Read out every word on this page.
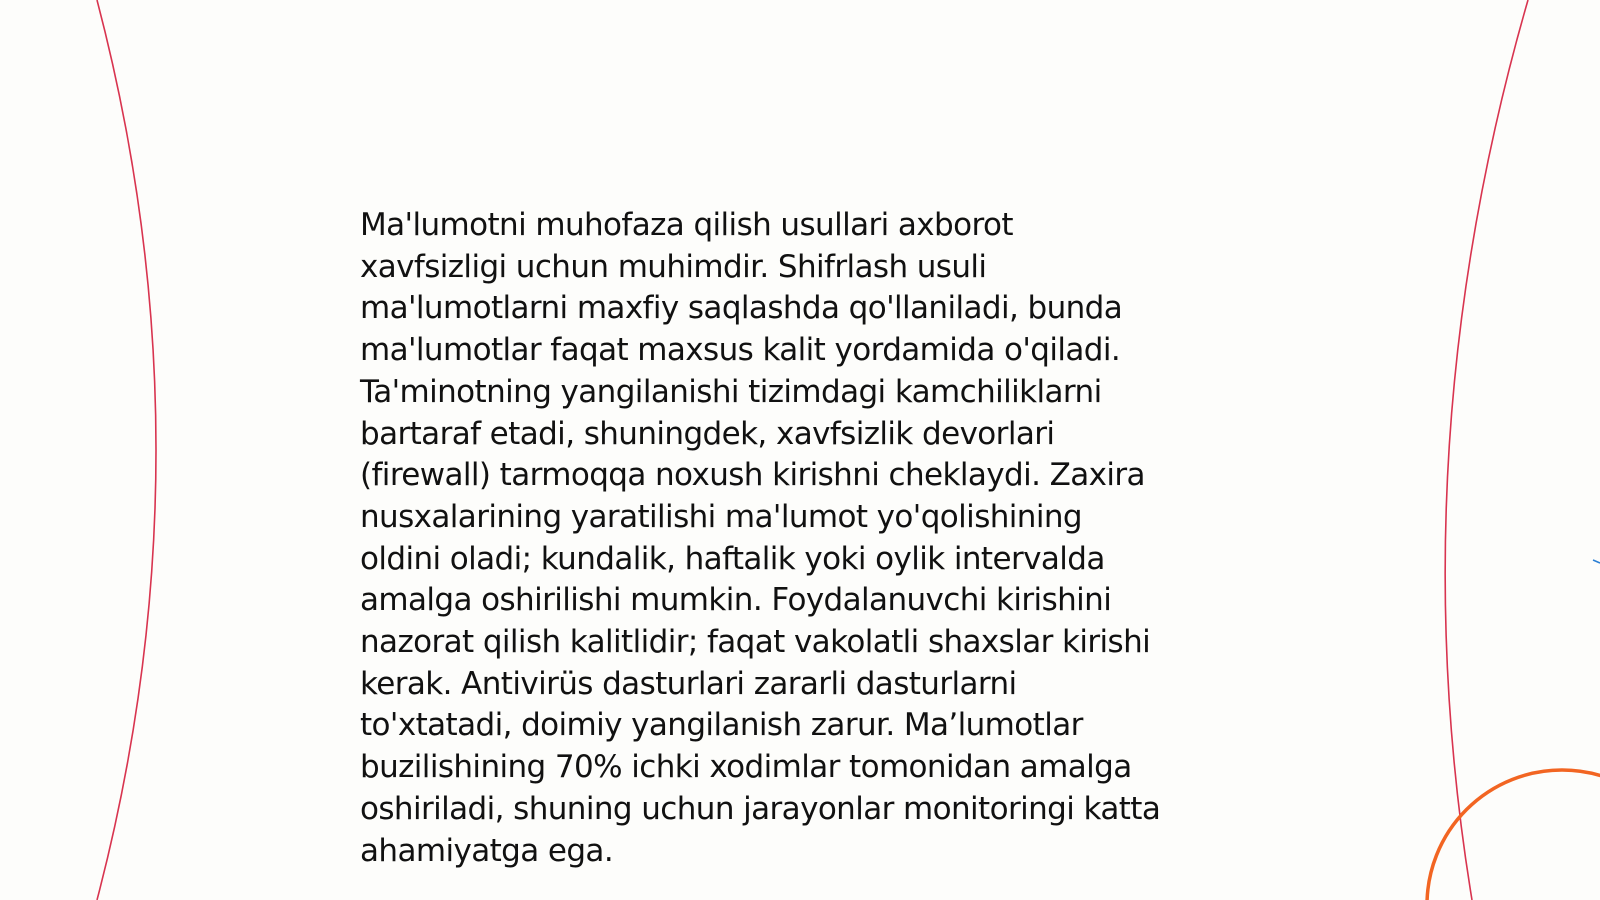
Ma'lumotni muhofaza qilish usullari axborot
xavfsizligi uchun muhimdir. Shifrlash usuli
ma'lumotlarni maxfiy saqlashda qo'llaniladi, bunda
ma'lumotlar faqat maxsus kalit yordamida o'qiladi.
Ta'minotning yangilanishi tizimdagi kamchiliklarni
bartaraf etadi, shuningdek, xavfsizlik devorlari
(firewall) tarmoqqa noxush kirishni cheklaydi. Zaxira
nusxalarining yaratilishi ma'lumot yo'qolishining
oldini oladi; kundalik, haftalik yoki oylik intervalda
amalga oshirilishi mumkin. Foydalanuvchi kirishini
nazorat qilish kalitlidir; faqat vakolatli shaxslar kirishi
kerak. Antivirüs dasturlari zararli dasturlarni
to'xtatadi, doimiy yangilanish zarur. Ma’lumotlar
buzilishining 70% ichki xodimlar tomonidan amalga
oshiriladi, shuning uchun jarayonlar monitoringi katta
ahamiyatga ega.
